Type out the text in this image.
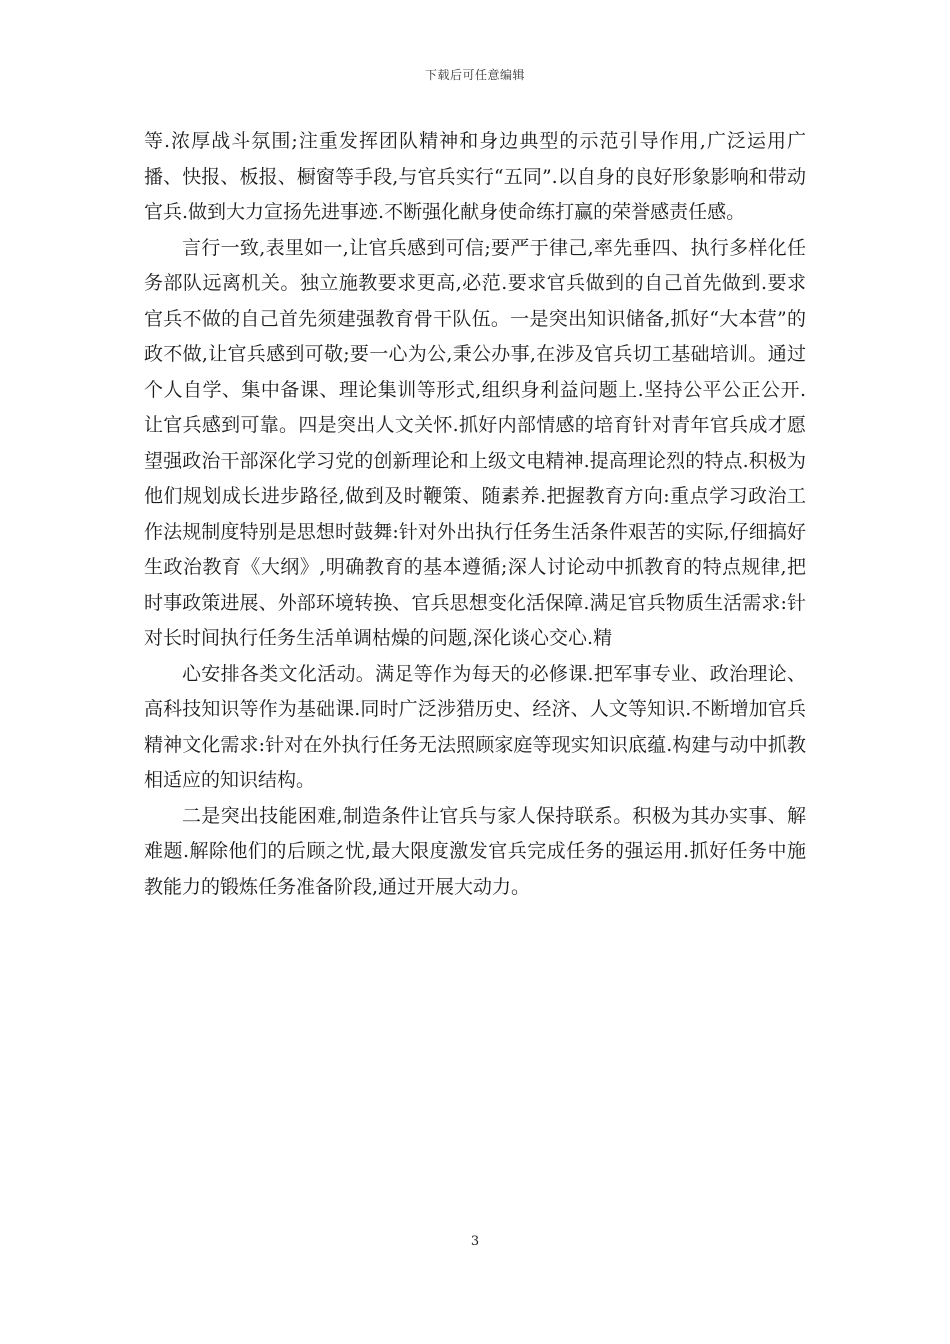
下载后可任意编辑

等.浓厚战斗氛围;注重发挥团队精神和身边典型的示范引导作用,广泛运用广播、快报、板报、橱窗等手段,与官兵实行“五同”.以自身的良好形象影响和带动官兵.做到大力宣扬先进事迹.不断强化献身使命练打赢的荣誉感责任感。

言行一致,表里如一,让官兵感到可信;要严于律己,率先垂四、执行多样化任务部队远离机关。独立施教要求更高,必范.要求官兵做到的自己首先做到.要求官兵不做的自己首先须建强教育骨干队伍。一是突出知识储备,抓好“大本营”的政不做,让官兵感到可敬;要一心为公,秉公办事,在涉及官兵切工基础培训。通过个人自学、集中备课、理论集训等形式,组织身利益问题上.坚持公平公正公开.让官兵感到可靠。四是突出人文关怀.抓好内部情感的培育针对青年官兵成才愿望强政治干部深化学习党的创新理论和上级文电精神.提高理论烈的特点.积极为他们规划成长进步路径,做到及时鞭策、随素养.把握教育方向:重点学习政治工作法规制度特别是思想时鼓舞:针对外出执行任务生活条件艰苦的实际,仔细搞好生政治教育《大纲》,明确教育的基本遵循;深人讨论动中抓教育的特点规律,把时事政策进展、外部环境转换、官兵思想变化活保障.满足官兵物质生活需求:针对长时间执行任务生活单调枯燥的问题,深化谈心交心.精

心安排各类文化活动。满足等作为每天的必修课.把军事专业、政治理论、高科技知识等作为基础课.同时广泛涉猎历史、经济、人文等知识.不断增加官兵精神文化需求:针对在外执行任务无法照顾家庭等现实知识底蕴.构建与动中抓教相适应的知识结构。

二是突出技能困难,制造条件让官兵与家人保持联系。积极为其办实事、解难题.解除他们的后顾之忧,最大限度激发官兵完成任务的强运用.抓好任务中施教能力的锻炼任务准备阶段,通过开展大动力。

3
